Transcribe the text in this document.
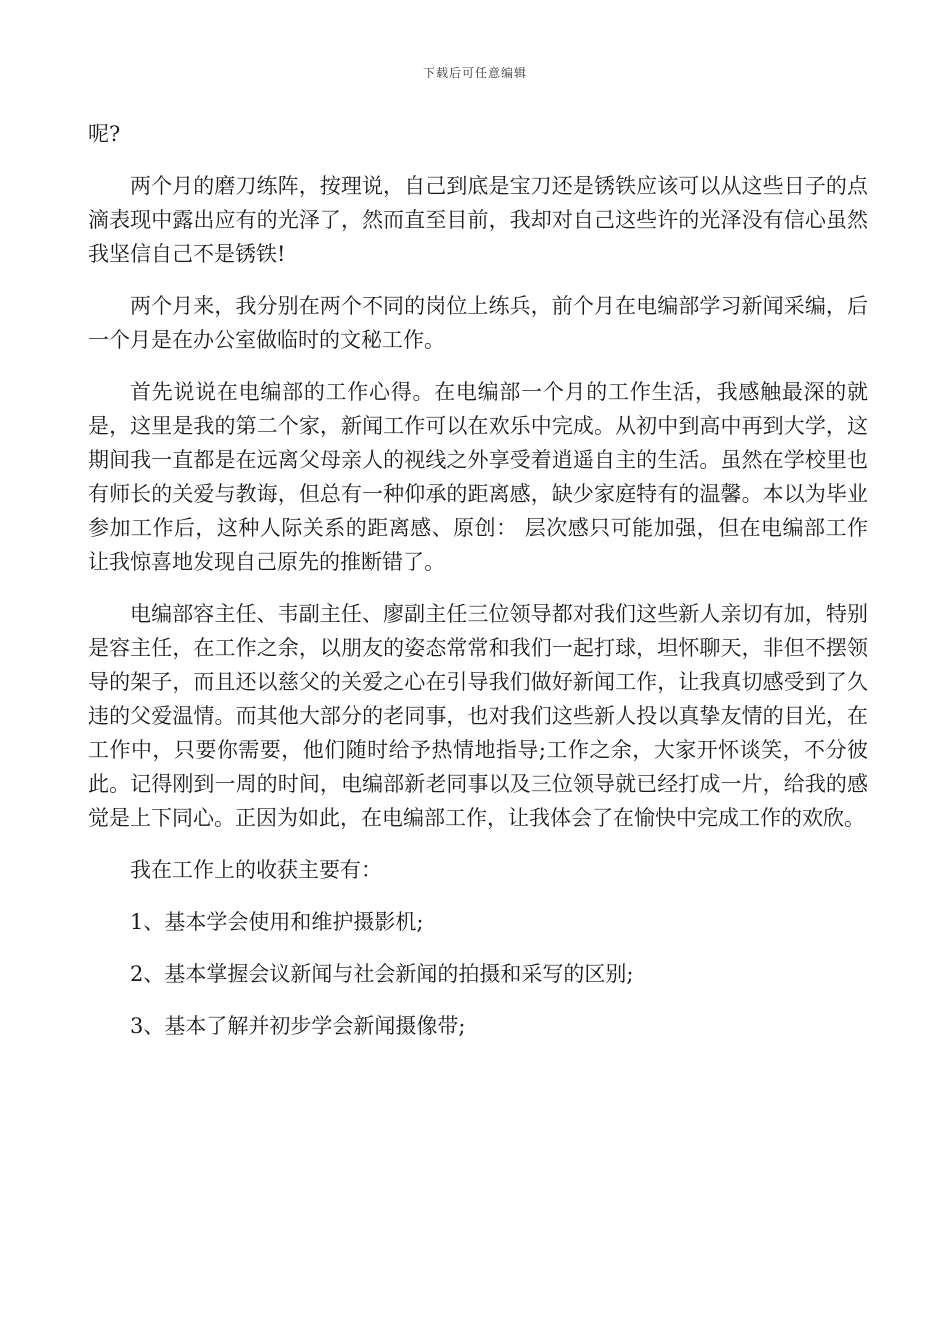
下载后可任意编辑

呢?

两个月的磨刀练阵，按理说，自己到底是宝刀还是锈铁应该可以从这些日子的点滴表现中露出应有的光泽了，然而直至目前，我却对自己这些许的光泽没有信心虽然我坚信自己不是锈铁!

两个月来，我分别在两个不同的岗位上练兵，前个月在电编部学习新闻采编，后一个月是在办公室做临时的文秘工作。

首先说说在电编部的工作心得。在电编部一个月的工作生活，我感触最深的就是，这里是我的第二个家，新闻工作可以在欢乐中完成。从初中到高中再到大学，这期间我一直都是在远离父母亲人的视线之外享受着逍遥自主的生活。虽然在学校里也有师长的关爱与教诲，但总有一种仰承的距离感，缺少家庭特有的温馨。本以为毕业参加工作后，这种人际关系的距离感、原创： 层次感只可能加强，但在电编部工作让我惊喜地发现自己原先的推断错了。

电编部容主任、韦副主任、廖副主任三位领导都对我们这些新人亲切有加，特别是容主任，在工作之余，以朋友的姿态常常和我们一起打球，坦怀聊天，非但不摆领导的架子，而且还以慈父的关爱之心在引导我们做好新闻工作，让我真切感受到了久违的父爱温情。而其他大部分的老同事，也对我们这些新人投以真挚友情的目光，在工作中，只要你需要，他们随时给予热情地指导;工作之余，大家开怀谈笑，不分彼此。记得刚到一周的时间，电编部新老同事以及三位领导就已经打成一片，给我的感觉是上下同心。正因为如此，在电编部工作，让我体会了在愉快中完成工作的欢欣。

我在工作上的收获主要有：

1、基本学会使用和维护摄影机;

2、基本掌握会议新闻与社会新闻的拍摄和采写的区别;

3、基本了解并初步学会新闻摄像带;
